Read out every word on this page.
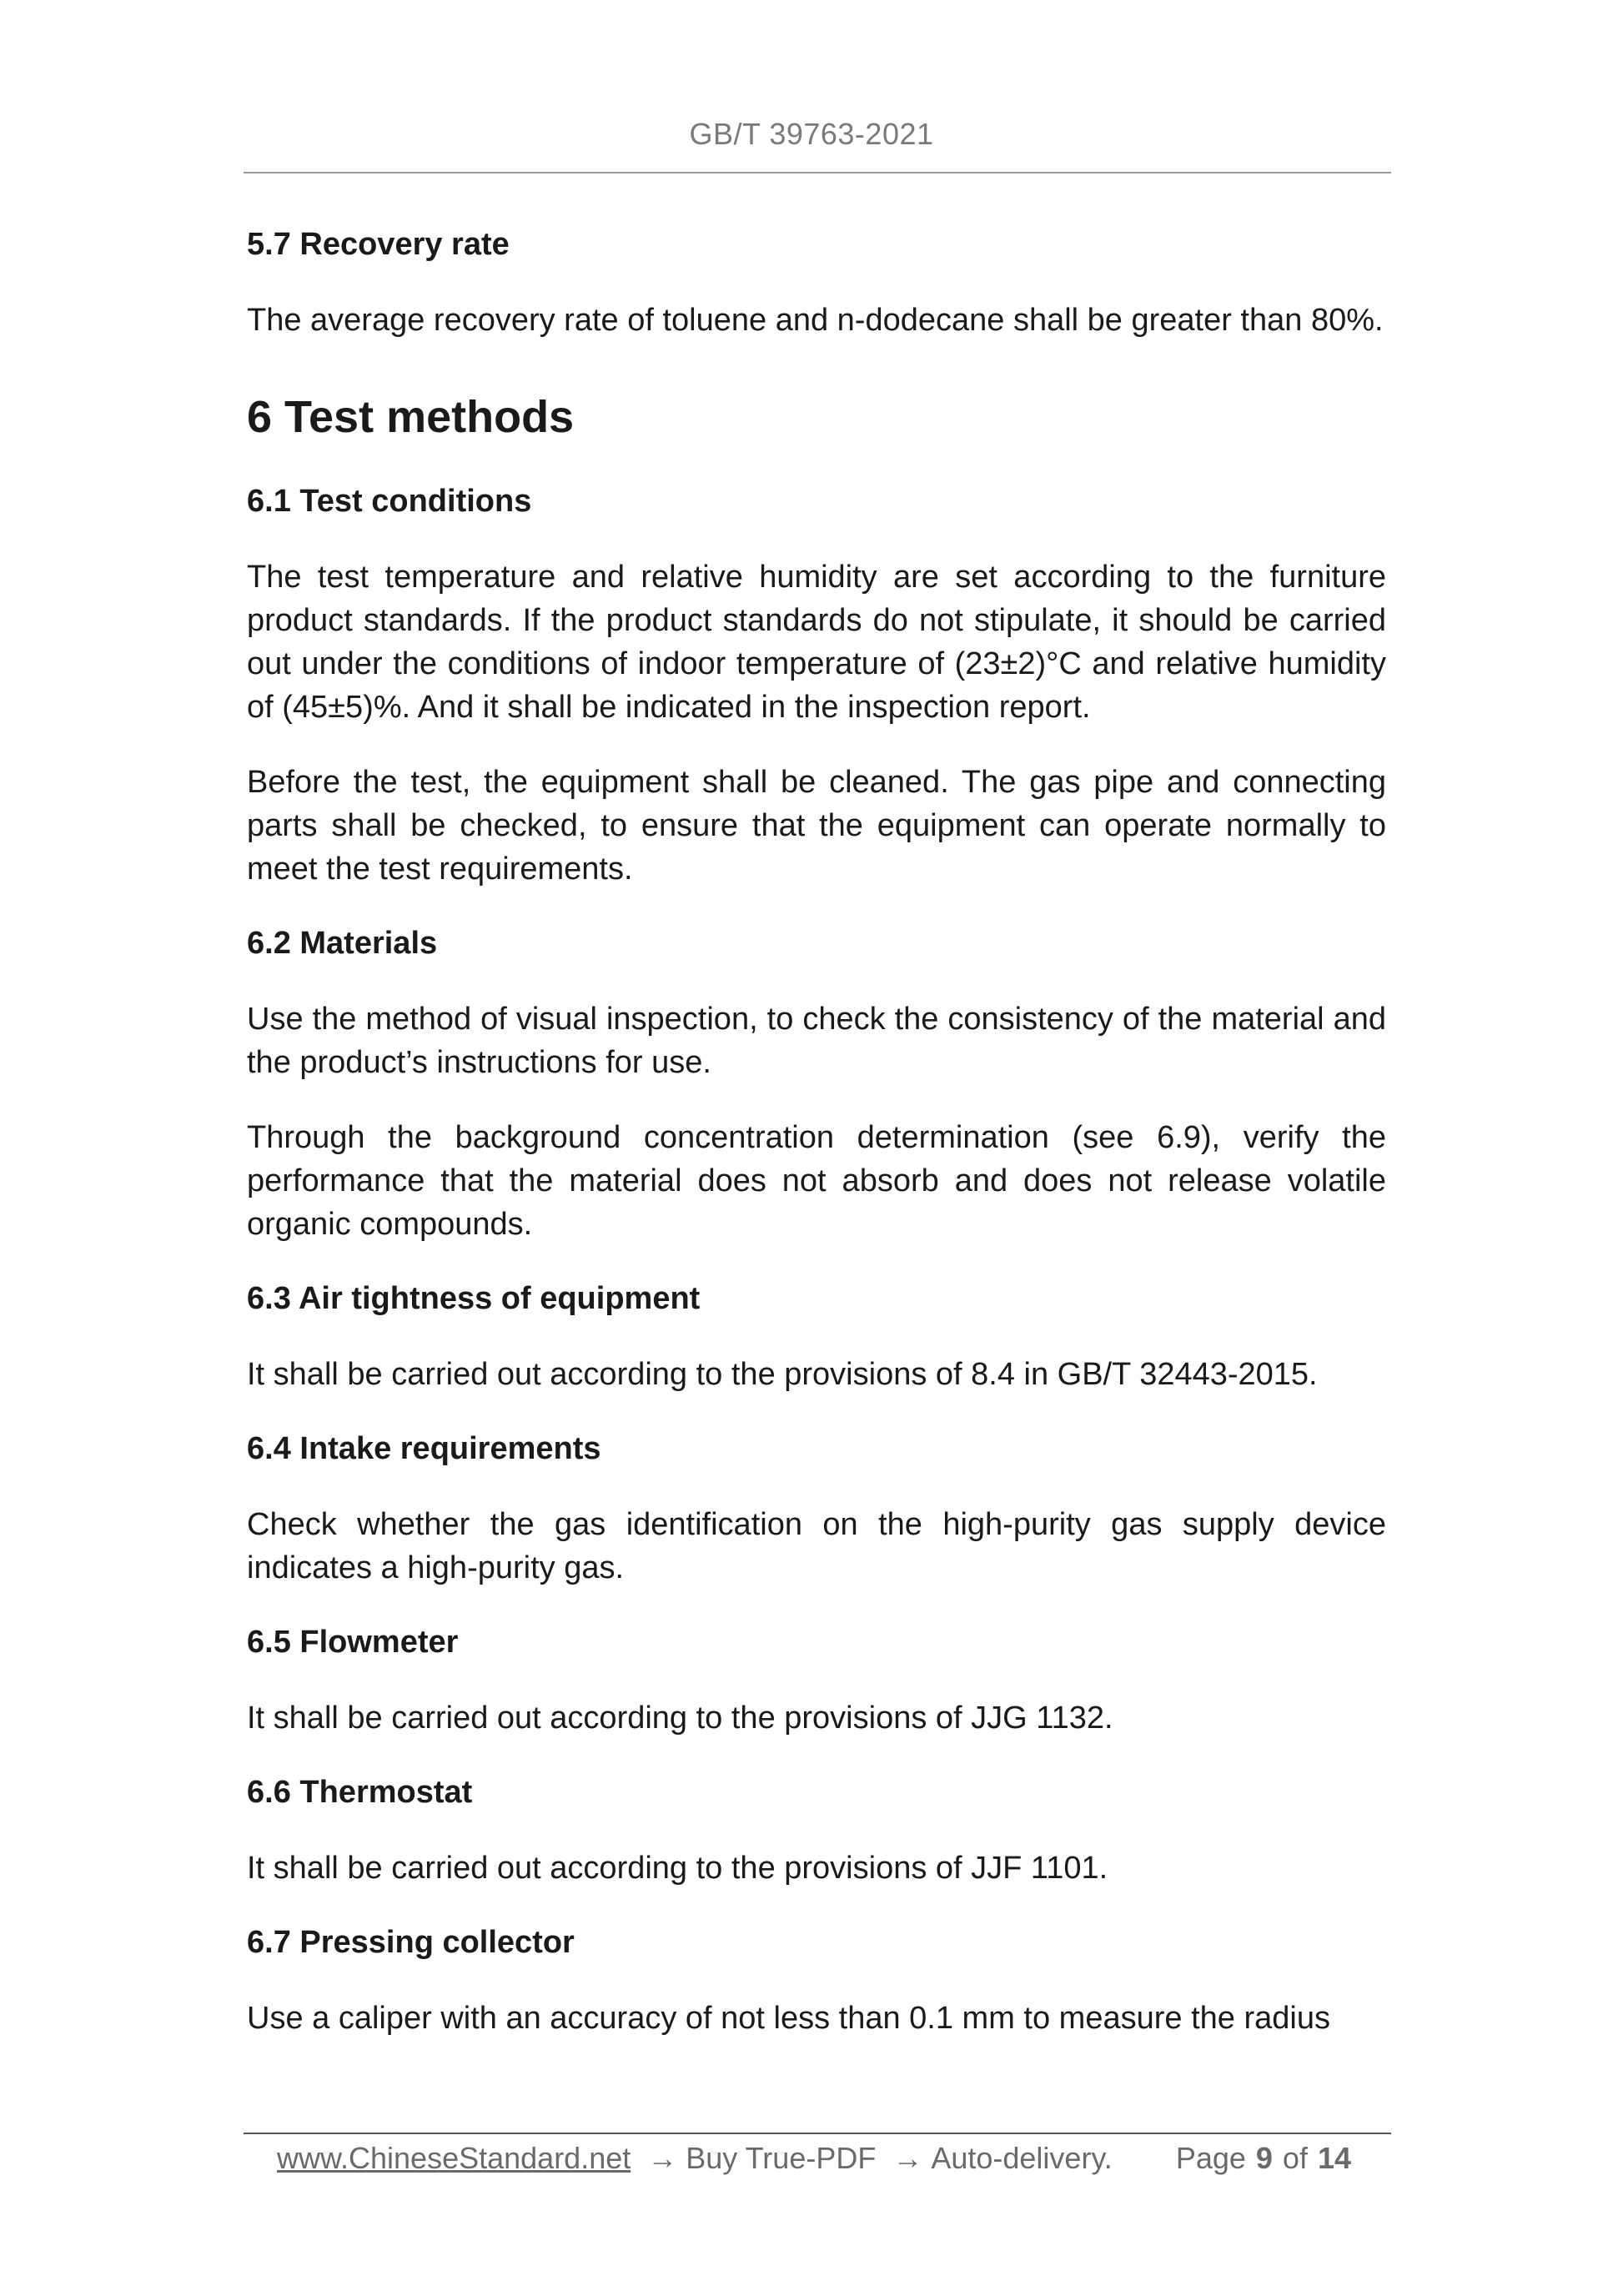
GB/T 39763-2021
5.7 Recovery rate

The average recovery rate of toluene and n-dodecane shall be greater than 80%.

6 Test methods
6.1 Test conditions

The test temperature and relative humidity are set according to the furniture product standards. If the product standards do not stipulate, it should be carried out under the conditions of indoor temperature of (23±2)°C and relative humidity of (45±5)%. And it shall be indicated in the inspection report.

Before the test, the equipment shall be cleaned. The gas pipe and connecting parts shall be checked, to ensure that the equipment can operate normally to meet the test requirements.

6.2 Materials

Use the method of visual inspection, to check the consistency of the material and the product’s instructions for use.

Through the background concentration determination (see 6.9), verify the performance that the material does not absorb and does not release volatile organic compounds.

6.3 Air tightness of equipment

It shall be carried out according to the provisions of 8.4 in GB/T 32443-2015.

6.4 Intake requirements

Check whether the gas identification on the high-purity gas supply device indicates a high-purity gas.

6.5 Flowmeter

It shall be carried out according to the provisions of JJG 1132.

6.6 Thermostat

It shall be carried out according to the provisions of JJF 1101.

6.7 Pressing collector

Use a caliper with an accuracy of not less than 0.1 mm to measure the radius

www.ChineseStandard.net → Buy True-PDF → Auto-delivery. Page 9 of 14
